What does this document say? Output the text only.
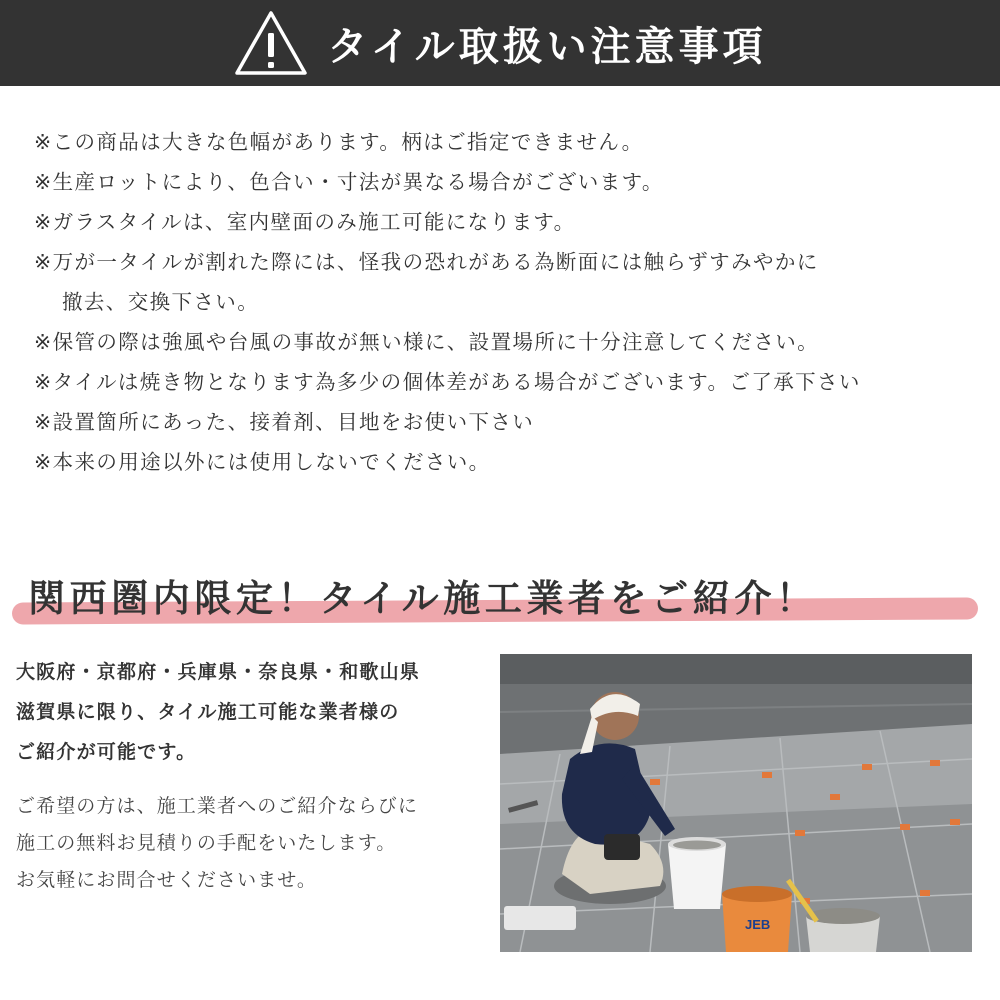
タイル取扱い注意事項
※この商品は大きな色幅があります。柄はご指定できません。
※生産ロットにより、色合い・寸法が異なる場合がございます。
※ガラスタイルは、室内壁面のみ施工可能になります。
※万が一タイルが割れた際には、怪我の恐れがある為断面には触らずすみやかに
撤去、交換下さい。
※保管の際は強風や台風の事故が無い様に、設置場所に十分注意してください。
※タイルは焼き物となります為多少の個体差がある場合がございます。ご了承下さい
※設置箇所にあった、接着剤、目地をお使い下さい
※本来の用途以外には使用しないでください。
関西圏内限定！タイル施工業者をご紹介！
大阪府・京都府・兵庫県・奈良県・和歌山県
滋賀県に限り、タイル施工可能な業者様の
ご紹介が可能です。
ご希望の方は、施工業者へのご紹介ならびに
施工の無料お見積りの手配をいたします。
お気軽にお問合せくださいませ。
JEB
